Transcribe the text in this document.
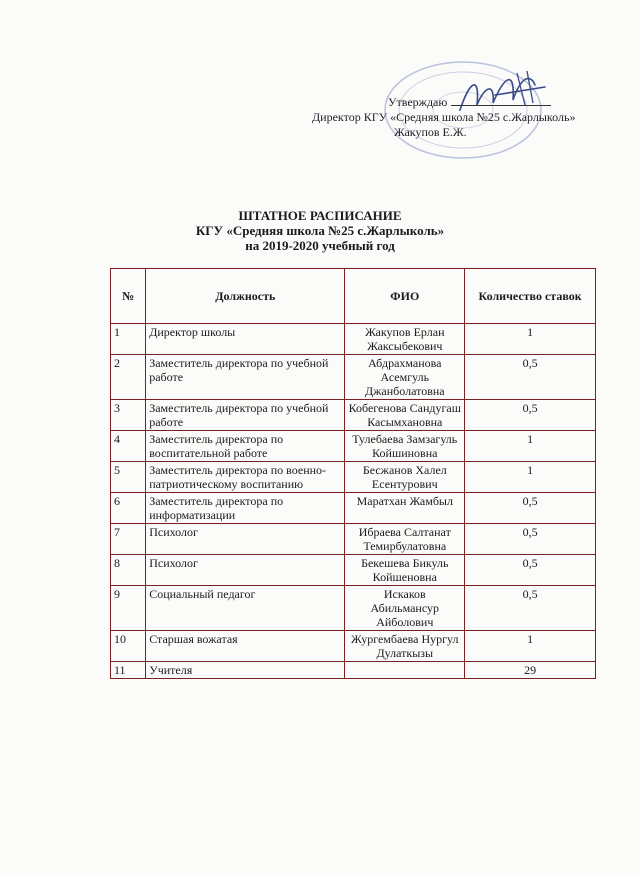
Утверждаю
Директор КГУ «Средняя школа №25 с.Жарлыколь»
Жакупов Е.Ж.
ШТАТНОЕ РАСПИСАНИЕ
КГУ «Средняя школа №25 с.Жарлыколь»
на 2019-2020 учебный год
№	Должность	ФИО	Количество ставок
1	Директор школы	Жакупов Ерлан Жаксыбекович	1
2	Заместитель директора по учебной работе	Абдрахманова Асемгуль Джанболатовна	0,5
3	Заместитель директора по учебной работе	Кобегенова Сандугаш Касымхановна	0,5
4	Заместитель директора по воспитательной работе	Тулебаева Замзагуль Койшиновна	1
5	Заместитель директора по военно-патриотическому воспитанию	Бесжанов Халел Есентурович	1
6	Заместитель директора по информатизации	Маратхан Жамбыл	0,5
7	Психолог	Ибраева Салтанат Темирбулатовна	0,5
8	Психолог	Бекешева Бикуль Койшеновна	0,5
9	Социальный педагог	Искаков Абильмансур Айболович	0,5
10	Старшая вожатая	Жургембаева Нургул Дулаткызы	1
11	Учителя		29
